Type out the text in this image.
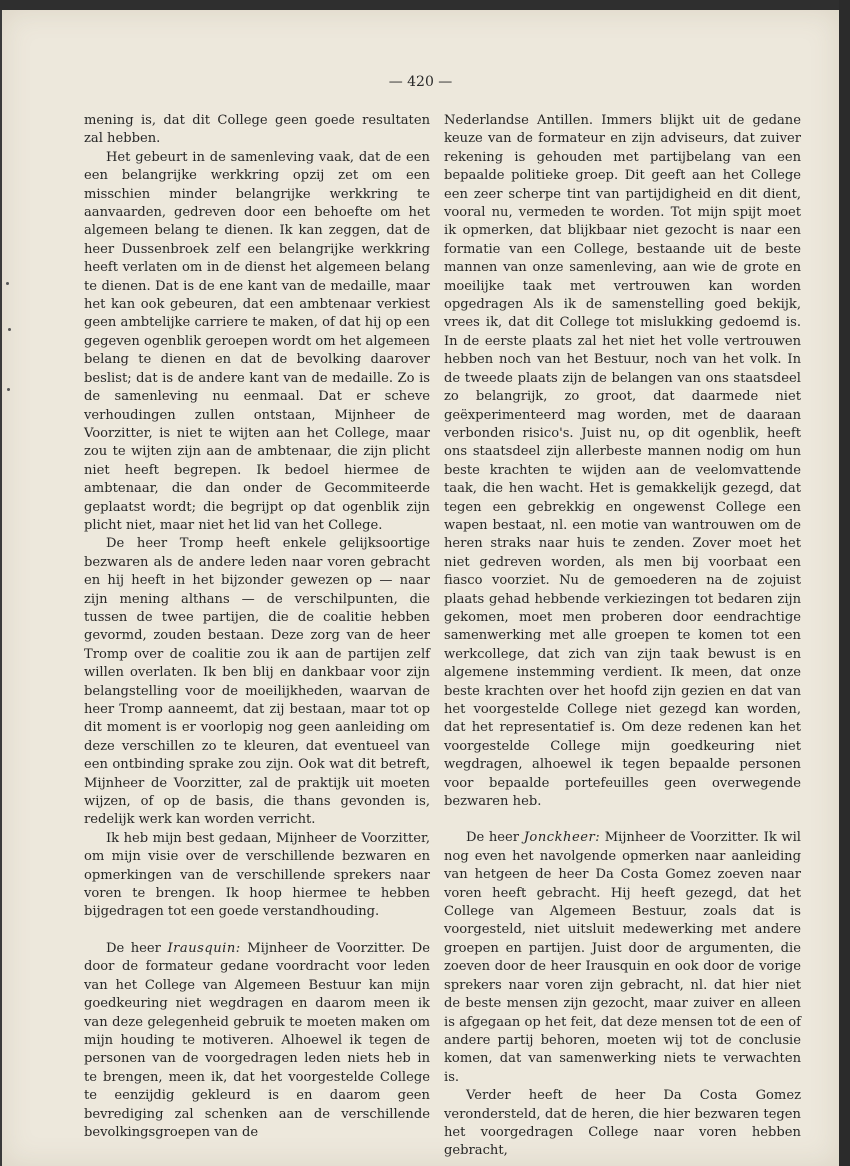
— 420 —

mening is, dat dit College geen goede resultaten zal hebben.

Het gebeurt in de samenleving vaak, dat de een een belangrijke werkkring opzij zet om een misschien minder belangrijke werkkring te aanvaarden, gedreven door een behoefte om het algemeen belang te dienen. Ik kan zeggen, dat de heer Dussenbroek zelf een belangrijke werkkring heeft verlaten om in de dienst het algemeen belang te dienen. Dat is de ene kant van de medaille, maar het kan ook gebeuren, dat een ambtenaar verkiest geen ambtelijke carriere te maken, of dat hij op een gegeven ogenblik geroepen wordt om het algemeen belang te dienen en dat de bevolking daarover beslist; dat is de andere kant van de medaille. Zo is de samenleving nu eenmaal. Dat er scheve verhoudingen zullen ontstaan, Mijnheer de Voorzitter, is niet te wijten aan het College, maar zou te wijten zijn aan de ambtenaar, die zijn plicht niet heeft begrepen. Ik bedoel hiermee de ambtenaar, die dan onder de Gecommiteerde geplaatst wordt; die begrijpt op dat ogenblik zijn plicht niet, maar niet het lid van het College.

De heer Tromp heeft enkele gelijksoortige bezwaren als de andere leden naar voren gebracht en hij heeft in het bijzonder gewezen op — naar zijn mening althans — de verschilpunten, die tussen de twee partijen, die de coalitie hebben gevormd, zouden bestaan. Deze zorg van de heer Tromp over de coalitie zou ik aan de partijen zelf willen overlaten. Ik ben blij en dankbaar voor zijn belangstelling voor de moeilijkheden, waarvan de heer Tromp aanneemt, dat zij bestaan, maar tot op dit moment is er voorlopig nog geen aanleiding om deze verschillen zo te kleuren, dat eventueel van een ontbinding sprake zou zijn. Ook wat dit betreft, Mijnheer de Voorzitter, zal de praktijk uit moeten wijzen, of op de basis, die thans gevonden is, redelijk werk kan worden verricht.

Ik heb mijn best gedaan, Mijnheer de Voorzitter, om mijn visie over de verschillende bezwaren en opmerkingen van de verschillende sprekers naar voren te brengen. Ik hoop hiermee te hebben bijgedragen tot een goede verstandhouding.

De heer Irausquin: Mijnheer de Voorzitter. De door de formateur gedane voordracht voor leden van het College van Algemeen Bestuur kan mijn goedkeuring niet wegdragen en daarom meen ik van deze gelegenheid gebruik te moeten maken om mijn houding te motiveren. Alhoewel ik tegen de personen van de voorgedragen leden niets heb in te brengen, meen ik, dat het voorgestelde College te eenzijdig gekleurd is en daarom geen bevrediging zal schenken aan de verschillende bevolkingsgroepen van de

Nederlandse Antillen. Immers blijkt uit de gedane keuze van de formateur en zijn adviseurs, dat zuiver rekening is gehouden met partijbelang van een bepaalde politieke groep. Dit geeft aan het College een zeer scherpe tint van partijdigheid en dit dient, vooral nu, vermeden te worden. Tot mijn spijt moet ik opmerken, dat blijkbaar niet gezocht is naar een formatie van een College, bestaande uit de beste mannen van onze samenleving, aan wie de grote en moeilijke taak met vertrouwen kan worden opgedragen Als ik de samenstelling goed bekijk, vrees ik, dat dit College tot mislukking gedoemd is. In de eerste plaats zal het niet het volle vertrouwen hebben noch van het Bestuur, noch van het volk. In de tweede plaats zijn de belangen van ons staatsdeel zo belangrijk, zo groot, dat daarmede niet geëxperimenteerd mag worden, met de daaraan verbonden risico's. Juist nu, op dit ogenblik, heeft ons staatsdeel zijn allerbeste mannen nodig om hun beste krachten te wijden aan de veelomvattende taak, die hen wacht. Het is gemakkelijk gezegd, dat tegen een gebrekkig en ongewenst College een wapen bestaat, nl. een motie van wantrouwen om de heren straks naar huis te zenden. Zover moet het niet gedreven worden, als men bij voorbaat een fiasco voorziet. Nu de gemoederen na de zojuist plaats gehad hebbende verkiezingen tot bedaren zijn gekomen, moet men proberen door eendrachtige samenwerking met alle groepen te komen tot een werkcollege, dat zich van zijn taak bewust is en algemene instemming verdient. Ik meen, dat onze beste krachten over het hoofd zijn gezien en dat van het voorgestelde College niet gezegd kan worden, dat het representatief is. Om deze redenen kan het voorgestelde College mijn goedkeuring niet wegdragen, alhoewel ik tegen bepaalde personen voor bepaalde portefeuilles geen overwegende bezwaren heb.

De heer Jonckheer: Mijnheer de Voorzitter. Ik wil nog even het navolgende opmerken naar aanleiding van hetgeen de heer Da Costa Gomez zoeven naar voren heeft gebracht. Hij heeft gezegd, dat het College van Algemeen Bestuur, zoals dat is voorgesteld, niet uitsluit medewerking met andere groepen en partijen. Juist door de argumenten, die zoeven door de heer Irausquin en ook door de vorige sprekers naar voren zijn gebracht, nl. dat hier niet de beste mensen zijn gezocht, maar zuiver en alleen is afgegaan op het feit, dat deze mensen tot de een of andere partij behoren, moeten wij tot de conclusie komen, dat van samenwerking niets te verwachten is.

Verder heeft de heer Da Costa Gomez verondersteld, dat de heren, die hier bezwaren tegen het voorgedragen College naar voren hebben gebracht,
